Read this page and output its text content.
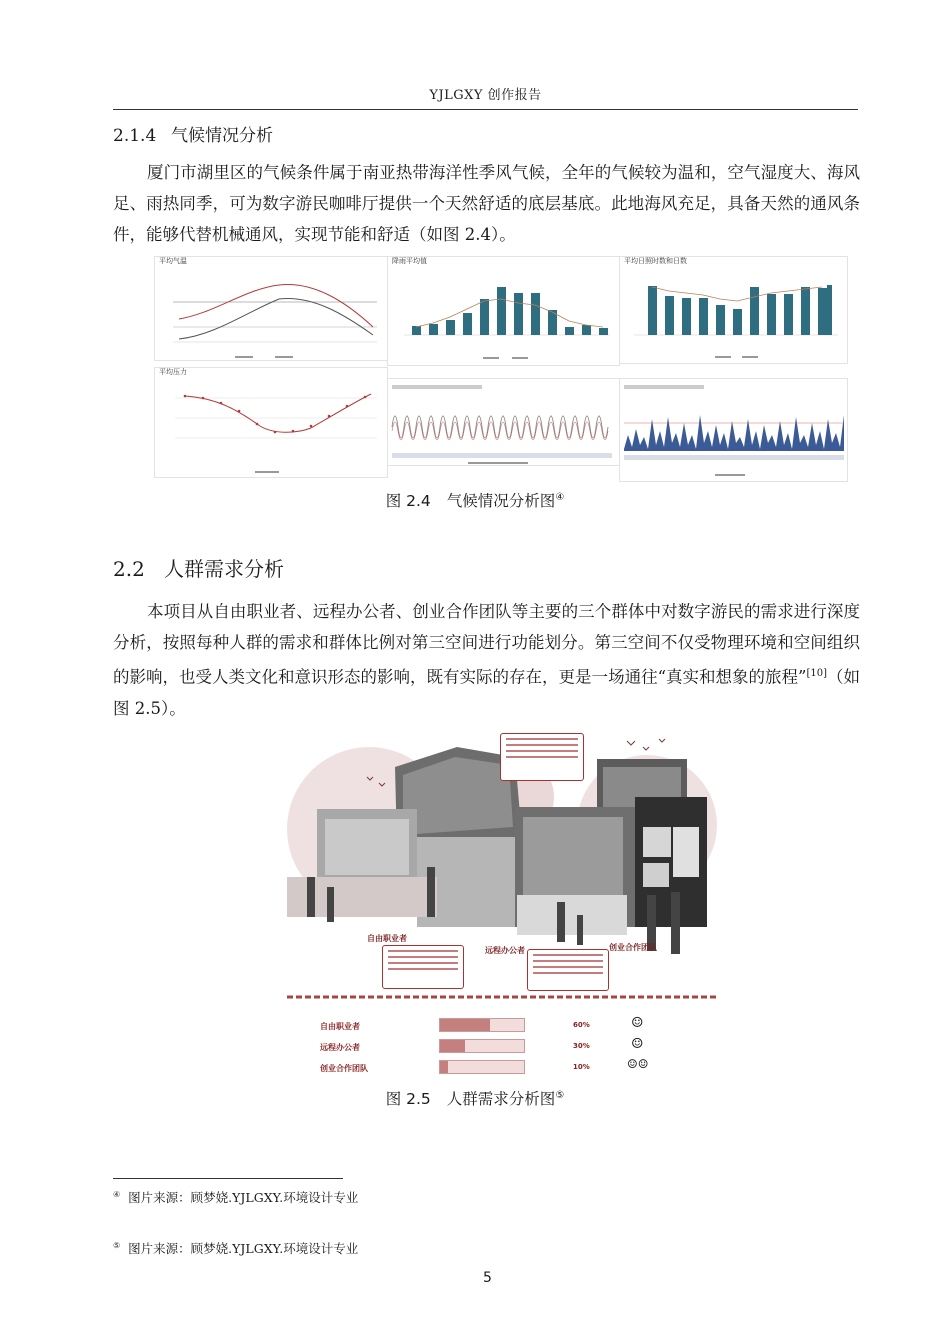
YJLGXY 创作报告
2.1.4 气候情况分析

厦门市湖里区的气候条件属于南亚热带海洋性季风气候，全年的气候较为温和，空气湿度大、海风足、雨热同季，可为数字游民咖啡厅提供一个天然舒适的底层基底。此地海风充足，具备天然的通风条件，能够代替机械通风，实现节能和舒适（如图 2.4）。

平均气温	降雨平均值	平均日照时数和日数
平均压力
图 2.4 气候情况分析图④
2.2 人群需求分析

本项目从自由职业者、远程办公者、创业合作团队等主要的三个群体中对数字游民的需求进行深度分析，按照每种人群的需求和群体比例对第三空间进行功能划分。第三空间不仅受物理环境和空间组织的影响，也受人类文化和意识形态的影响，既有实际的存在，更是一场通往“真实和想象的旅程”[10]（如图 2.5）。

自由职业者
远程办公者	创业合作团队
自由职业者	60%	☺
远程办公者	30%	☺
创业合作团队	10%	☺☺
图 2.5 人群需求分析图⑤
④ 图片来源：顾梦娆.YJLGXY.环境设计专业
⑤ 图片来源：顾梦娆.YJLGXY.环境设计专业
5
